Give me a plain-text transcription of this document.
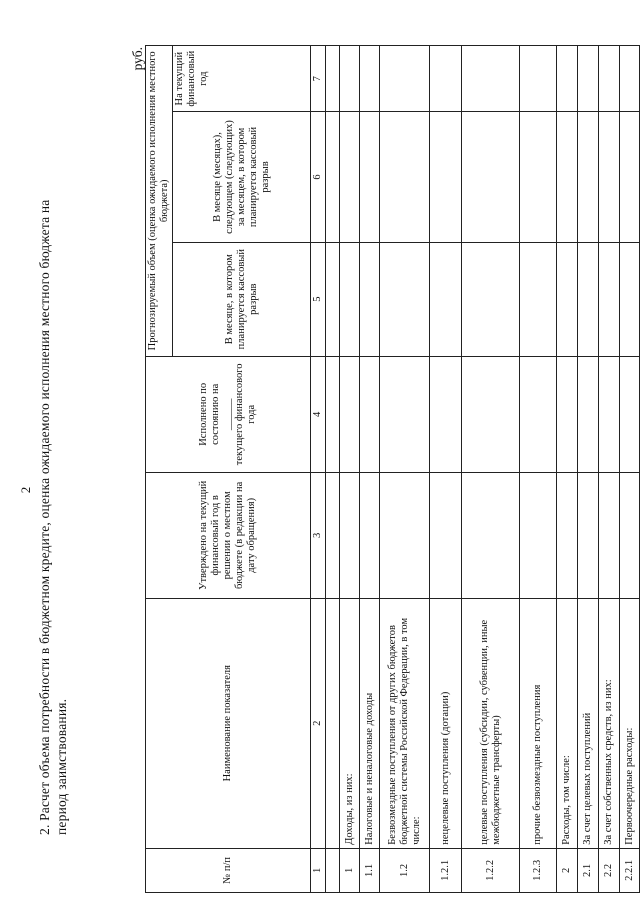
2 2. Расчет объема потребности в бюджетном кредите, оценка ожидаемого исполнения местного бюджета на период заимствования.
руб.
№ п/п	Наименование показателя	Утверждено на текущий финансовый год в решении о местном бюджете (в редакции на дату обращения)	Исполнено по состоянию на
______
текущего финансового года	Прогнозируемый объем (оценка ожидаемого исполнения местного бюджета)		
				В месяце, в котором планируется кассовый разрыв	В месяце (месяцах), следующем (следующих) за месяцем, в котором планируется кассовый разрыв	На текущий финансовый год
1	2	3	4	5	6	7

1	Доходы, из них:					
1.1	Налоговые и неналоговые доходы					
1.2	Безвозмездные поступления от других бюджетов бюджетной системы Российской Федерации, в том числе:					
1.2.1	нецелевые поступления (дотации)					
1.2.2	целевые поступления (субсидии, субвенции, иные межбюджетные трансферты)					
1.2.3	прочие безвозмездные поступления					
2	Расходы, том числе:					
2.1	За счет целевых поступлений					
2.2	За счет собственных средств, из них:					
2.2.1	Первоочередные расходы:					
